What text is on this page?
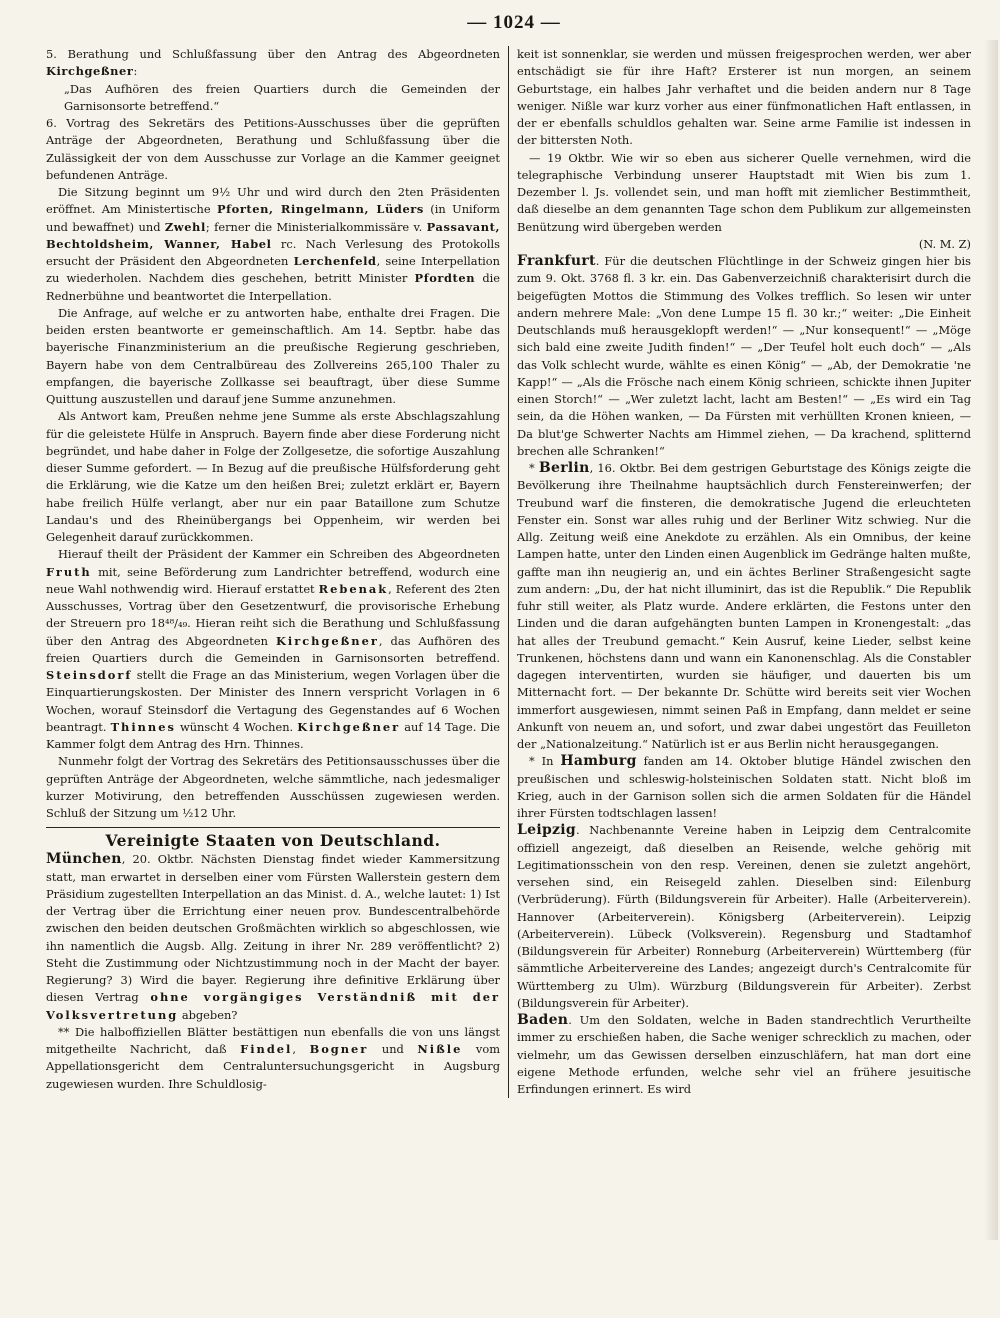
— 1024 —

5. Berathung und Schlußfassung über den Antrag des Abgeordneten Kirchgeßner:

„Das Aufhören des freien Quartiers durch die Gemeinden der Garnisonsorte betreffend.“

6. Vortrag des Sekretärs des Petitions-Ausschusses über die geprüften Anträge der Abgeordneten, Berathung und Schlußfassung über die Zulässigkeit der von dem Ausschusse zur Vorlage an die Kammer geeignet befundenen Anträge.

Die Sitzung beginnt um 9½ Uhr und wird durch den 2ten Präsidenten eröffnet. Am Ministertische Pforten, Ringelmann, Lüders (in Uniform und bewaffnet) und Zwehl; ferner die Ministerialkommissäre v. Passavant, Bechtoldsheim, Wanner, Habel rc. Nach Verlesung des Protokolls ersucht der Präsident den Abgeordneten Lerchenfeld, seine Interpellation zu wiederholen. Nachdem dies geschehen, betritt Minister Pfordten die Rednerbühne und beantwortet die Interpellation.

Die Anfrage, auf welche er zu antworten habe, enthalte drei Fragen. Die beiden ersten beantworte er gemeinschaftlich. Am 14. Septbr. habe das bayerische Finanzministerium an die preußische Regierung geschrieben, Bayern habe von dem Centralbüreau des Zollvereins 265,100 Thaler zu empfangen, die bayerische Zollkasse sei beauftragt, über diese Summe Quittung auszustellen und darauf jene Summe anzunehmen.

Als Antwort kam, Preußen nehme jene Summe als erste Abschlagszahlung für die geleistete Hülfe in Anspruch. Bayern finde aber diese Forderung nicht begründet, und habe daher in Folge der Zollgesetze, die sofortige Auszahlung dieser Summe gefordert. — In Bezug auf die preußische Hülfsforderung geht die Erklärung, wie die Katze um den heißen Brei; zuletzt erklärt er, Bayern habe freilich Hülfe verlangt, aber nur ein paar Bataillone zum Schutze Landau's und des Rheinübergangs bei Oppenheim, wir werden bei Gelegenheit darauf zurückkommen.

Hierauf theilt der Präsident der Kammer ein Schreiben des Abgeordneten Fruth mit, seine Beförderung zum Landrichter betreffend, wodurch eine neue Wahl nothwendig wird. Hierauf erstattet Rebenak, Referent des 2ten Ausschusses, Vortrag über den Gesetzentwurf, die provisorische Erhebung der Streuern pro 18⁴⁸/₄₉. Hieran reiht sich die Berathung und Schlußfassung über den Antrag des Abgeordneten Kirchgeßner, das Aufhören des freien Quartiers durch die Gemeinden in Garnisonsorten betreffend. Steinsdorf stellt die Frage an das Ministerium, wegen Vorlagen über die Einquartierungskosten. Der Minister des Innern verspricht Vorlagen in 6 Wochen, worauf Steinsdorf die Vertagung des Gegenstandes auf 6 Wochen beantragt. Thinnes wünscht 4 Wochen. Kirchgeßner auf 14 Tage. Die Kammer folgt dem Antrag des Hrn. Thinnes.

Nunmehr folgt der Vortrag des Sekretärs des Petitionsausschusses über die geprüften Anträge der Abgeordneten, welche sämmtliche, nach jedesmaliger kurzer Motivirung, den betreffenden Ausschüssen zugewiesen werden. Schluß der Sitzung um ½12 Uhr.

Vereinigte Staaten von Deutschland.

München, 20. Oktbr. Nächsten Dienstag findet wieder Kammersitzung statt, man erwartet in derselben einer vom Fürsten Wallerstein gestern dem Präsidium zugestellten Interpellation an das Minist. d. A., welche lautet: 1) Ist der Vertrag über die Errichtung einer neuen prov. Bundescentralbehörde zwischen den beiden deutschen Großmächten wirklich so abgeschlossen, wie ihn namentlich die Augsb. Allg. Zeitung in ihrer Nr. 289 veröffentlicht? 2) Steht die Zustimmung oder Nichtzustimmung noch in der Macht der bayer. Regierung? 3) Wird die bayer. Regierung ihre definitive Erklärung über diesen Vertrag ohne vorgängiges Verständniß mit der Volksvertretung abgeben?

** Die halboffiziellen Blätter bestättigen nun ebenfalls die von uns längst mitgetheilte Nachricht, daß Findel, Bogner und Nißle vom Appellationsgericht dem Centraluntersuchungsgericht in Augsburg zugewiesen wurden. Ihre Schuldlosig-

keit ist sonnenklar, sie werden und müssen freigesprochen werden, wer aber entschädigt sie für ihre Haft? Ersterer ist nun morgen, an seinem Geburtstage, ein halbes Jahr verhaftet und die beiden andern nur 8 Tage weniger. Nißle war kurz vorher aus einer fünfmonatlichen Haft entlassen, in der er ebenfalls schuldlos gehalten war. Seine arme Familie ist indessen in der bittersten Noth.

— 19 Oktbr. Wie wir so eben aus sicherer Quelle vernehmen, wird die telegraphische Verbindung unserer Hauptstadt mit Wien bis zum 1. Dezember l. Js. vollendet sein, und man hofft mit ziemlicher Bestimmtheit, daß dieselbe an dem genannten Tage schon dem Publikum zur allgemeinsten Benützung wird übergeben werden

(N. M. Z)

Frankfurt. Für die deutschen Flüchtlinge in der Schweiz gingen hier bis zum 9. Okt. 3768 fl. 3 kr. ein. Das Gabenverzeichniß charakterisirt durch die beigefügten Mottos die Stimmung des Volkes trefflich. So lesen wir unter andern mehrere Male: „Von dene Lumpe 15 fl. 30 kr.;“ weiter: „Die Einheit Deutschlands muß herausgeklopft werden!“ — „Nur konsequent!“ — „Möge sich bald eine zweite Judith finden!“ — „Der Teufel holt euch doch“ — „Als das Volk schlecht wurde, wählte es einen König“ — „Ab, der Demokratie 'ne Kapp!“ — „Als die Frösche nach einem König schrieen, schickte ihnen Jupiter einen Storch!“ — „Wer zuletzt lacht, lacht am Besten!“ — „Es wird ein Tag sein, da die Höhen wanken, — Da Fürsten mit verhüllten Kronen knieen, — Da blut'ge Schwerter Nachts am Himmel ziehen, — Da krachend, splitternd brechen alle Schranken!“

* Berlin, 16. Oktbr. Bei dem gestrigen Geburtstage des Königs zeigte die Bevölkerung ihre Theilnahme hauptsächlich durch Fenstereinwerfen; der Treubund warf die finsteren, die demokratische Jugend die erleuchteten Fenster ein. Sonst war alles ruhig und der Berliner Witz schwieg. Nur die Allg. Zeitung weiß eine Anekdote zu erzählen. Als ein Omnibus, der keine Lampen hatte, unter den Linden einen Augenblick im Gedränge halten mußte, gaffte man ihn neugierig an, und ein ächtes Berliner Straßengesicht sagte zum andern: „Du, der hat nicht illuminirt, das ist die Republik.“ Die Republik fuhr still weiter, als Platz wurde. Andere erklärten, die Festons unter den Linden und die daran aufgehängten bunten Lampen in Kronengestalt: „das hat alles der Treubund gemacht.“ Kein Ausruf, keine Lieder, selbst keine Trunkenen, höchstens dann und wann ein Kanonenschlag. Als die Constabler dagegen interventirten, wurden sie häufiger, und dauerten bis um Mitternacht fort. — Der bekannte Dr. Schütte wird bereits seit vier Wochen immerfort ausgewiesen, nimmt seinen Paß in Empfang, dann meldet er seine Ankunft von neuem an, und sofort, und zwar dabei ungestört das Feuilleton der „Nationalzeitung.“ Natürlich ist er aus Berlin nicht herausgegangen.

* In Hamburg fanden am 14. Oktober blutige Händel zwischen den preußischen und schleswig-holsteinischen Soldaten statt. Nicht bloß im Krieg, auch in der Garnison sollen sich die armen Soldaten für die Händel ihrer Fürsten todtschlagen lassen!

Leipzig. Nachbenannte Vereine haben in Leipzig dem Centralcomite offiziell angezeigt, daß dieselben an Reisende, welche gehörig mit Legitimationsschein von den resp. Vereinen, denen sie zuletzt angehört, versehen sind, ein Reisegeld zahlen. Dieselben sind: Eilenburg (Verbrüderung). Fürth (Bildungsverein für Arbeiter). Halle (Arbeiterverein). Hannover (Arbeiterverein). Königsberg (Arbeiterverein). Leipzig (Arbeiterverein). Lübeck (Volksverein). Regensburg und Stadtamhof (Bildungsverein für Arbeiter) Ronneburg (Arbeiterverein) Württemberg (für sämmtliche Arbeitervereine des Landes; angezeigt durch's Centralcomite für Württemberg zu Ulm). Würzburg (Bildungsverein für Arbeiter). Zerbst (Bildungsverein für Arbeiter).

Baden. Um den Soldaten, welche in Baden standrechtlich Verurtheilte immer zu erschießen haben, die Sache weniger schrecklich zu machen, oder vielmehr, um das Gewissen derselben einzuschläfern, hat man dort eine eigene Methode erfunden, welche sehr viel an frühere jesuitische Erfindungen erinnert. Es wird
